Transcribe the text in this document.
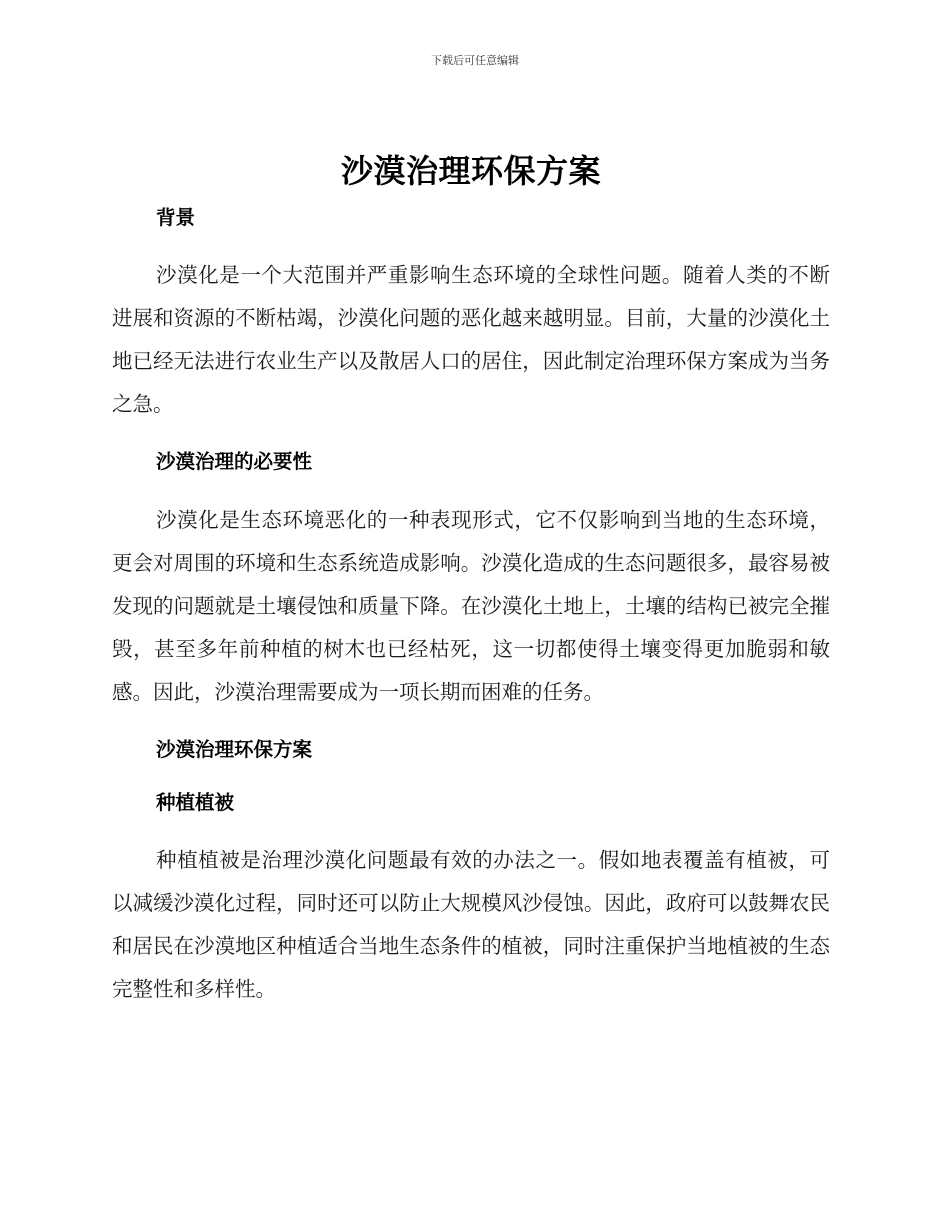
下载后可任意编辑
沙漠治理环保方案
背景

沙漠化是一个大范围并严重影响生态环境的全球性问题。随着人类的不断进展和资源的不断枯竭，沙漠化问题的恶化越来越明显。目前，大量的沙漠化土地已经无法进行农业生产以及散居人口的居住，因此制定治理环保方案成为当务之急。

沙漠治理的必要性

沙漠化是生态环境恶化的一种表现形式，它不仅影响到当地的生态环境，更会对周围的环境和生态系统造成影响。沙漠化造成的生态问题很多，最容易被发现的问题就是土壤侵蚀和质量下降。在沙漠化土地上，土壤的结构已被完全摧毁，甚至多年前种植的树木也已经枯死，这一切都使得土壤变得更加脆弱和敏感。因此，沙漠治理需要成为一项长期而困难的任务。

沙漠治理环保方案
种植植被

种植植被是治理沙漠化问题最有效的办法之一。假如地表覆盖有植被，可以减缓沙漠化过程，同时还可以防止大规模风沙侵蚀。因此，政府可以鼓舞农民和居民在沙漠地区种植适合当地生态条件的植被，同时注重保护当地植被的生态完整性和多样性。
